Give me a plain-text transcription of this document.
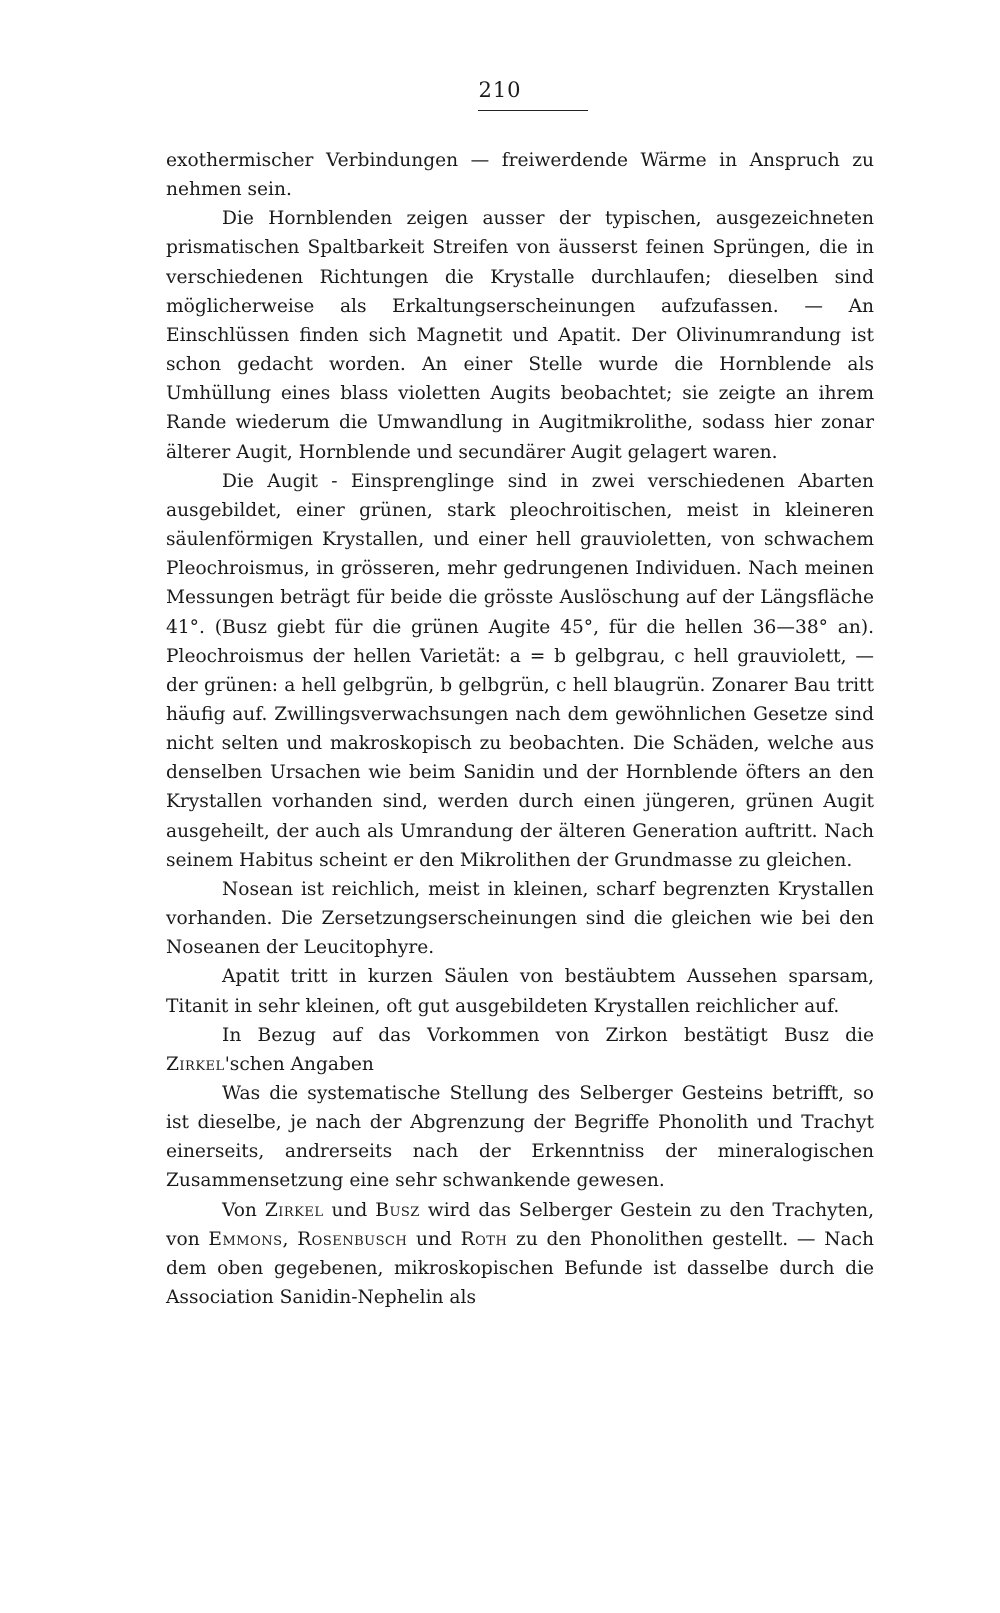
210

exothermischer Verbindungen — freiwerdende Wärme in Anspruch zu nehmen sein.

Die Hornblenden zeigen ausser der typischen, ausgezeichneten prismatischen Spaltbarkeit Streifen von äusserst feinen Sprüngen, die in verschiedenen Richtungen die Krystalle durchlaufen; dieselben sind möglicherweise als Erkaltungserscheinungen aufzufassen. — An Einschlüssen finden sich Magnetit und Apatit. Der Olivinumrandung ist schon gedacht worden. An einer Stelle wurde die Hornblende als Umhüllung eines blass violetten Augits beobachtet; sie zeigte an ihrem Rande wiederum die Umwandlung in Augitmikrolithe, sodass hier zonar älterer Augit, Hornblende und secundärer Augit gelagert waren.

Die Augit - Einsprenglinge sind in zwei verschiedenen Abarten ausgebildet, einer grünen, stark pleochroitischen, meist in kleineren säulenförmigen Krystallen, und einer hell grauvioletten, von schwachem Pleochroismus, in grösseren, mehr gedrungenen Individuen. Nach meinen Messungen beträgt für beide die grösste Auslöschung auf der Längsfläche 41°. (Busz giebt für die grünen Augite 45°, für die hellen 36—38° an). Pleochroismus der hellen Varietät: a = b gelbgrau, c hell grauviolett, — der grünen: a hell gelbgrün, b gelbgrün, c hell blaugrün. Zonarer Bau tritt häufig auf. Zwillingsverwachsungen nach dem gewöhnlichen Gesetze sind nicht selten und makroskopisch zu beobachten. Die Schäden, welche aus denselben Ursachen wie beim Sanidin und der Hornblende öfters an den Krystallen vorhanden sind, werden durch einen jüngeren, grünen Augit ausgeheilt, der auch als Umrandung der älteren Generation auftritt. Nach seinem Habitus scheint er den Mikrolithen der Grundmasse zu gleichen.

Nosean ist reichlich, meist in kleinen, scharf begrenzten Krystallen vorhanden. Die Zersetzungserscheinungen sind die gleichen wie bei den Noseanen der Leucitophyre.

Apatit tritt in kurzen Säulen von bestäubtem Aussehen sparsam, Titanit in sehr kleinen, oft gut ausgebildeten Krystallen reichlicher auf.

In Bezug auf das Vorkommen von Zirkon bestätigt Busz die Zirkel'schen Angaben

Was die systematische Stellung des Selberger Gesteins betrifft, so ist dieselbe, je nach der Abgrenzung der Begriffe Phonolith und Trachyt einerseits, andrerseits nach der Erkenntniss der mineralogischen Zusammensetzung eine sehr schwankende gewesen.

Von Zirkel und Busz wird das Selberger Gestein zu den Trachyten, von Emmons, Rosenbusch und Roth zu den Phonolithen gestellt. — Nach dem oben gegebenen, mikroskopischen Befunde ist dasselbe durch die Association Sanidin-Nephelin als
